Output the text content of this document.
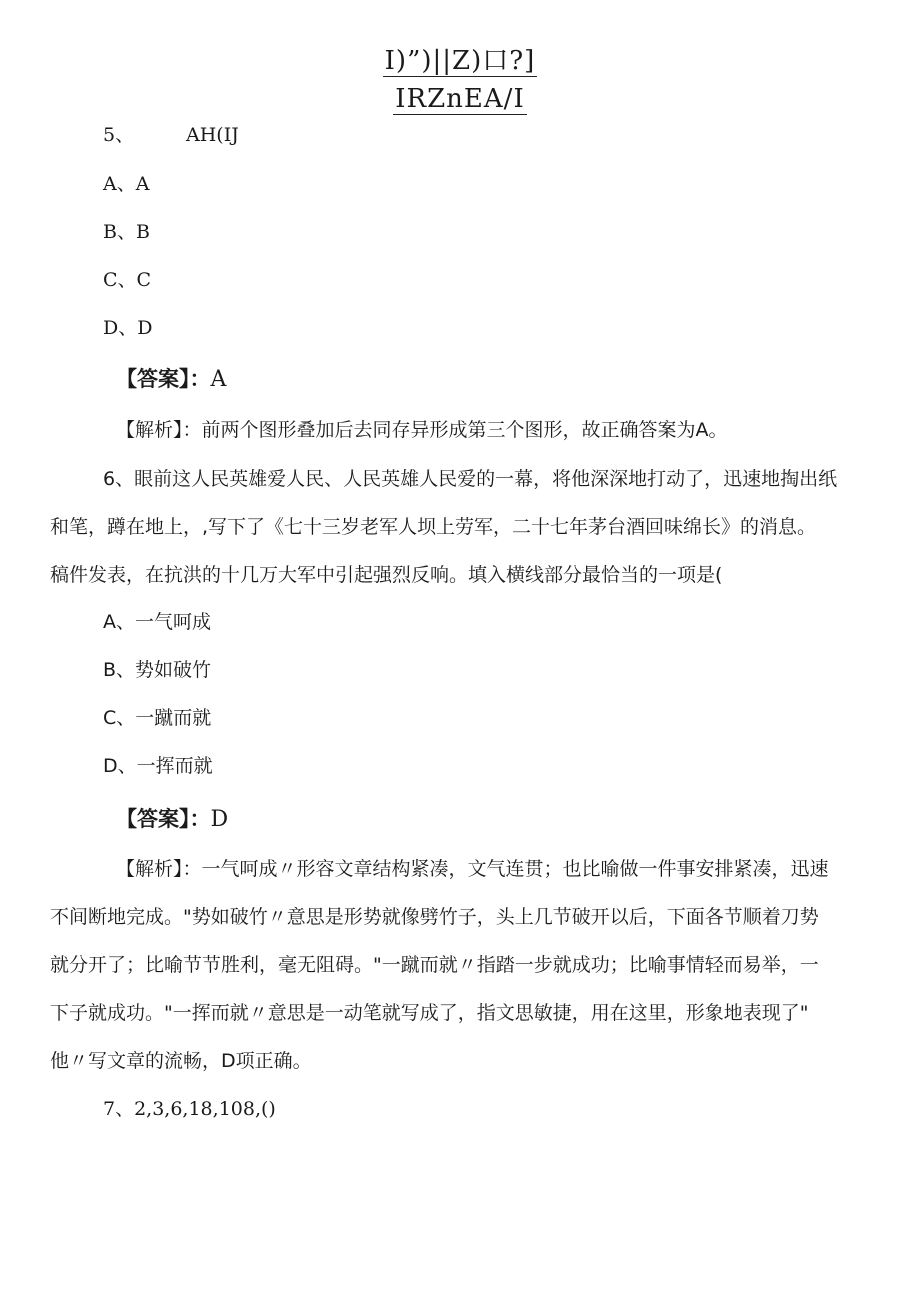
I)”)||Z)口?]
IRZnEA/I
5、	AH(IJ
A、A
B、B
C、C
D、D
【答案】：A
【解析】：前两个图形叠加后去同存异形成第三个图形，故正确答案为A。
6、眼前这人民英雄爱人民、人民英雄人民爱的一幕，将他深深地打动了，迅速地掏出纸
和笔，蹲在地上，,写下了《七十三岁老军人坝上劳军，二十七年茅台酒回味绵长》的消息。
稿件发表，在抗洪的十几万大军中引起强烈反响。填入横线部分最恰当的一项是(
A、一气呵成
B、势如破竹
C、一蹴而就
D、一挥而就
【答案】：D
【解析】：一气呵成〃形容文章结构紧凑，文气连贯；也比喻做一件事安排紧凑，迅速
不间断地完成。"势如破竹〃意思是形势就像劈竹子，头上几节破开以后，下面各节顺着刀势
就分开了；比喻节节胜利，毫无阻碍。"一蹴而就〃指踏一步就成功；比喻事情轻而易举，一
下子就成功。"一挥而就〃意思是一动笔就写成了，指文思敏捷，用在这里，形象地表现了"
他〃写文章的流畅，D项正确。
7、2,3,6,18,108,()
